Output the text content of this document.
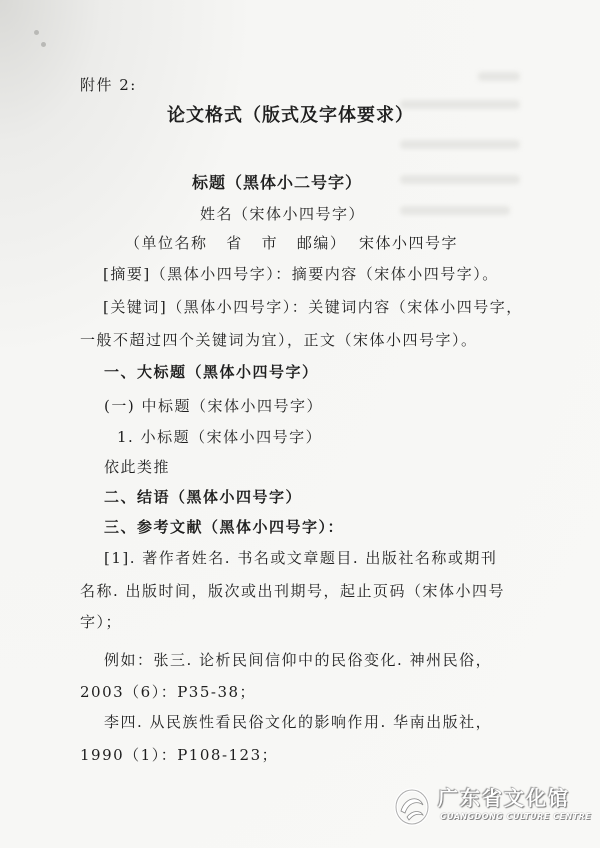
附件 2:
论文格式（版式及字体要求）
标题（黑体小二号字）
姓名（宋体小四号字）
（单位名称   省   市   邮编）  宋体小四号字
[摘要]（黑体小四号字）：摘要内容（宋体小四号字）。
[关键词]（黑体小四号字）：关键词内容（宋体小四号字，
一般不超过四个关键词为宜），正文（宋体小四号字）。
一、大标题（黑体小四号字）
(一) 中标题（宋体小四号字）
1. 小标题（宋体小四号字）
依此类推
二、结语（黑体小四号字）
三、参考文献（黑体小四号字）：
[1]. 著作者姓名. 书名或文章题目. 出版社名称或期刊
名称. 出版时间，版次或出刊期号，起止页码（宋体小四号
字）；
例如：张三. 论析民间信仰中的民俗变化. 神州民俗，
2003（6）：P35-38；
李四. 从民族性看民俗文化的影响作用. 华南出版社，
1990（1）：P108-123；
广东省文化馆
GUANGDONG CULTURE CENTRE
